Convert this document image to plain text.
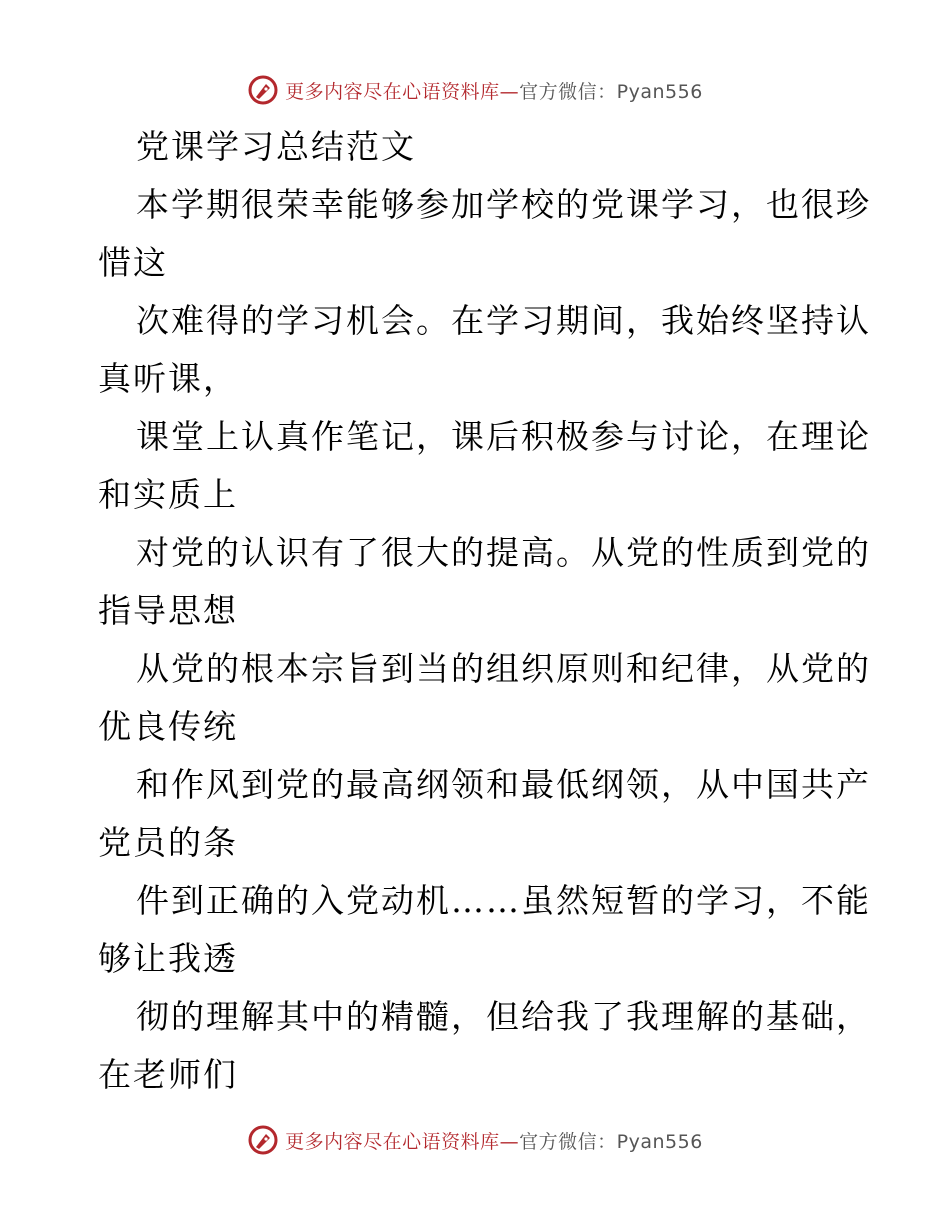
更多内容尽在心语资料库—官方微信：Pyan556
党课学习总结范文
本学期很荣幸能够参加学校的党课学习，也很珍
惜这
次难得的学习机会。在学习期间，我始终坚持认
真听课，
课堂上认真作笔记，课后积极参与讨论，在理论
和实质上
对党的认识有了很大的提高。从党的性质到党的
指导思想
从党的根本宗旨到当的组织原则和纪律，从党的
优良传统
和作风到党的最高纲领和最低纲领，从中国共产
党员的条
件到正确的入党动机……虽然短暂的学习，不能
够让我透
彻的理解其中的精髓，但给我了我理解的基础，
在老师们
更多内容尽在心语资料库—官方微信：Pyan556
